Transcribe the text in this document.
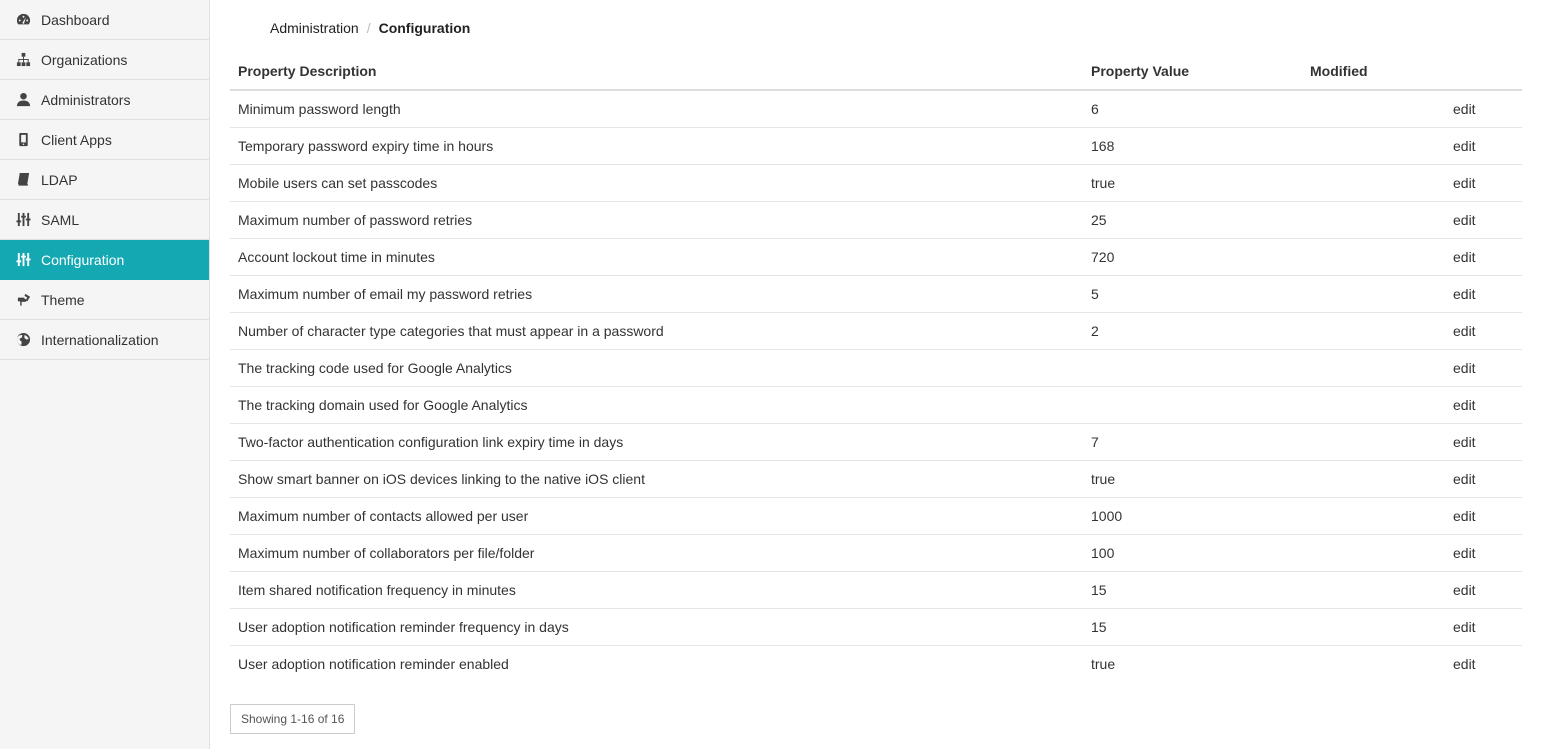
Dashboard
Organizations
Administrators
Client Apps
LDAP
SAML
Configuration
Theme
Internationalization
Administration / Configuration
Property Description	Property Value	Modified	
Minimum password length	6		edit
Temporary password expiry time in hours	168		edit
Mobile users can set passcodes	true		edit
Maximum number of password retries	25		edit
Account lockout time in minutes	720		edit
Maximum number of email my password retries	5		edit
Number of character type categories that must appear in a password	2		edit
The tracking code used for Google Analytics			edit
The tracking domain used for Google Analytics			edit
Two-factor authentication configuration link expiry time in days	7		edit
Show smart banner on iOS devices linking to the native iOS client	true		edit
Maximum number of contacts allowed per user	1000		edit
Maximum number of collaborators per file/folder	100		edit
Item shared notification frequency in minutes	15		edit
User adoption notification reminder frequency in days	15		edit
User adoption notification reminder enabled	true		edit
Showing 1-16 of 16
